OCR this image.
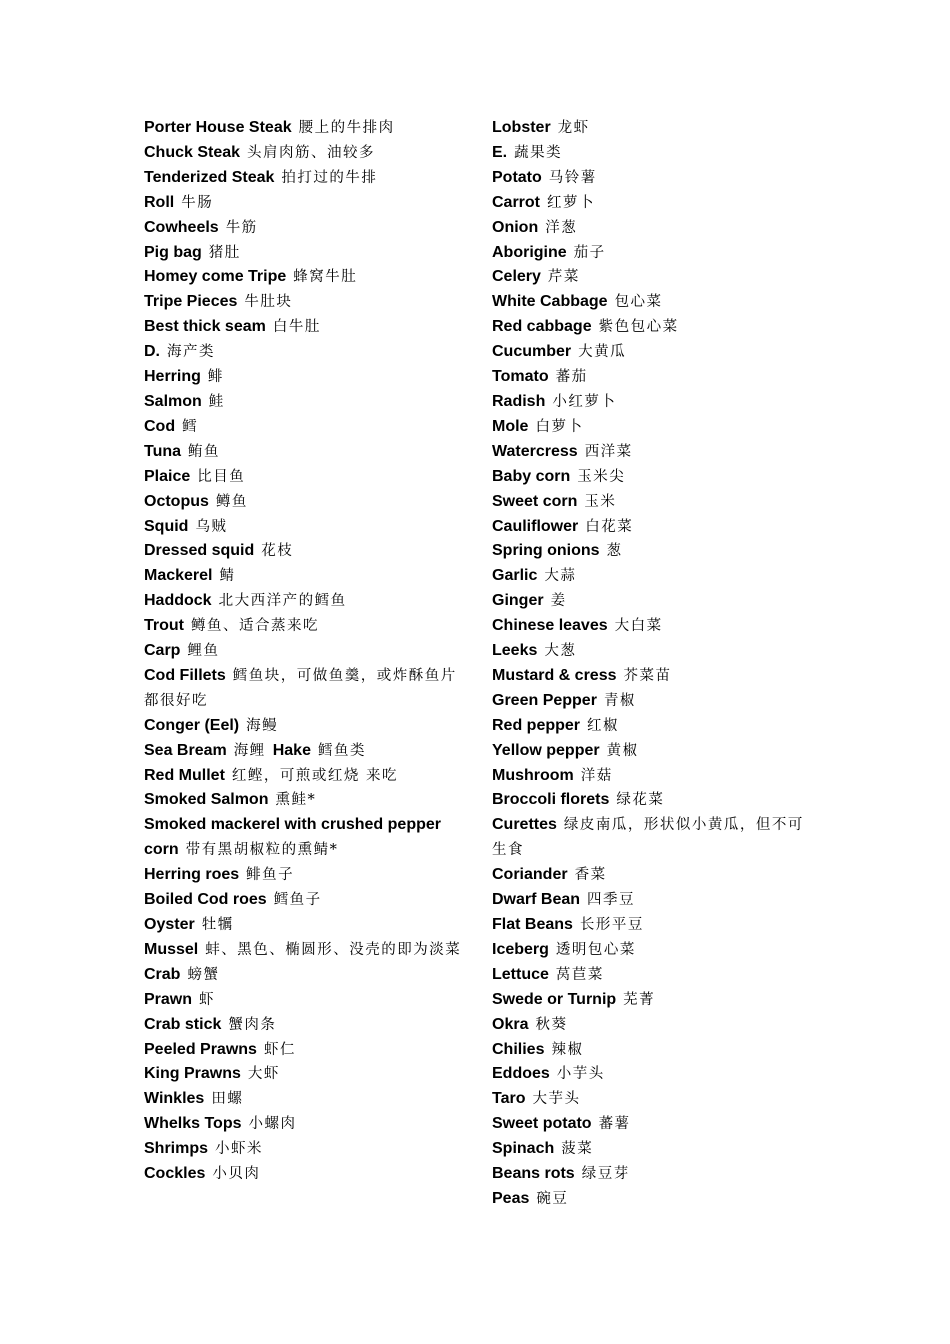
Porter House Steak 腰上的牛排肉
Chuck Steak 头肩肉筋、油较多
Tenderized Steak 拍打过的牛排
Roll 牛肠
Cowheels 牛筋
Pig bag 猪肚
Homey come Tripe 蜂窝牛肚
Tripe Pieces 牛肚块
Best thick seam 白牛肚
D. 海产类
Herring 鲱
Salmon 鲑
Cod 鳕
Tuna 鲔鱼
Plaice 比目鱼
Octopus 鳟鱼
Squid 乌贼
Dressed squid 花枝
Mackerel 鲭
Haddock 北大西洋产的鳕鱼
Trout 鳟鱼、适合蒸来吃
Carp 鲤鱼
Cod Fillets 鳕鱼块，可做鱼羹，或炸酥鱼片都很好吃
Conger (Eel) 海鳗
Sea Bream 海鲤 Hake 鳕鱼类
Red Mullet 红鲣，可煎或红烧 来吃
Smoked Salmon 熏鲑*
Smoked mackerel with crushed pepper corn 带有黑胡椒粒的熏鲭*
Herring roes 鲱鱼子
Boiled Cod roes 鳕鱼子
Oyster 牡犡
Mussel 蚌、黑色、椭圆形、没壳的即为淡菜
Crab 螃蟹
Prawn 虾
Crab stick 蟹肉条
Peeled Prawns 虾仁
King Prawns 大虾
Winkles 田螺
Whelks Tops 小螺肉
Shrimps 小虾米
Cockles 小贝肉
Lobster 龙虾
E. 蔬果类
Potato 马铃薯
Carrot 红萝卜
Onion 洋葱
Aborigine 茄子
Celery 芹菜
White Cabbage 包心菜
Red cabbage 紫色包心菜
Cucumber 大黄瓜
Tomato 蕃茄
Radish 小红萝卜
Mole 白萝卜
Watercress 西洋菜
Baby corn 玉米尖
Sweet corn 玉米
Cauliflower 白花菜
Spring onions 葱
Garlic 大蒜
Ginger 姜
Chinese leaves 大白菜
Leeks 大葱
Mustard & cress 芥菜苗
Green Pepper 青椒
Red pepper 红椒
Yellow pepper 黄椒
Mushroom 洋菇
Broccoli florets 绿花菜
Curettes 绿皮南瓜，形状似小黄瓜，但不可生食
Coriander 香菜
Dwarf Bean 四季豆
Flat Beans 长形平豆
Iceberg 透明包心菜
Lettuce 莴苣菜
Swede or Turnip 芜菁
Okra 秋葵
Chilies 辣椒
Eddoes 小芋头
Taro 大芋头
Sweet potato 蕃薯
Spinach 菠菜
Beans rots 绿豆芽
Peas 碗豆
